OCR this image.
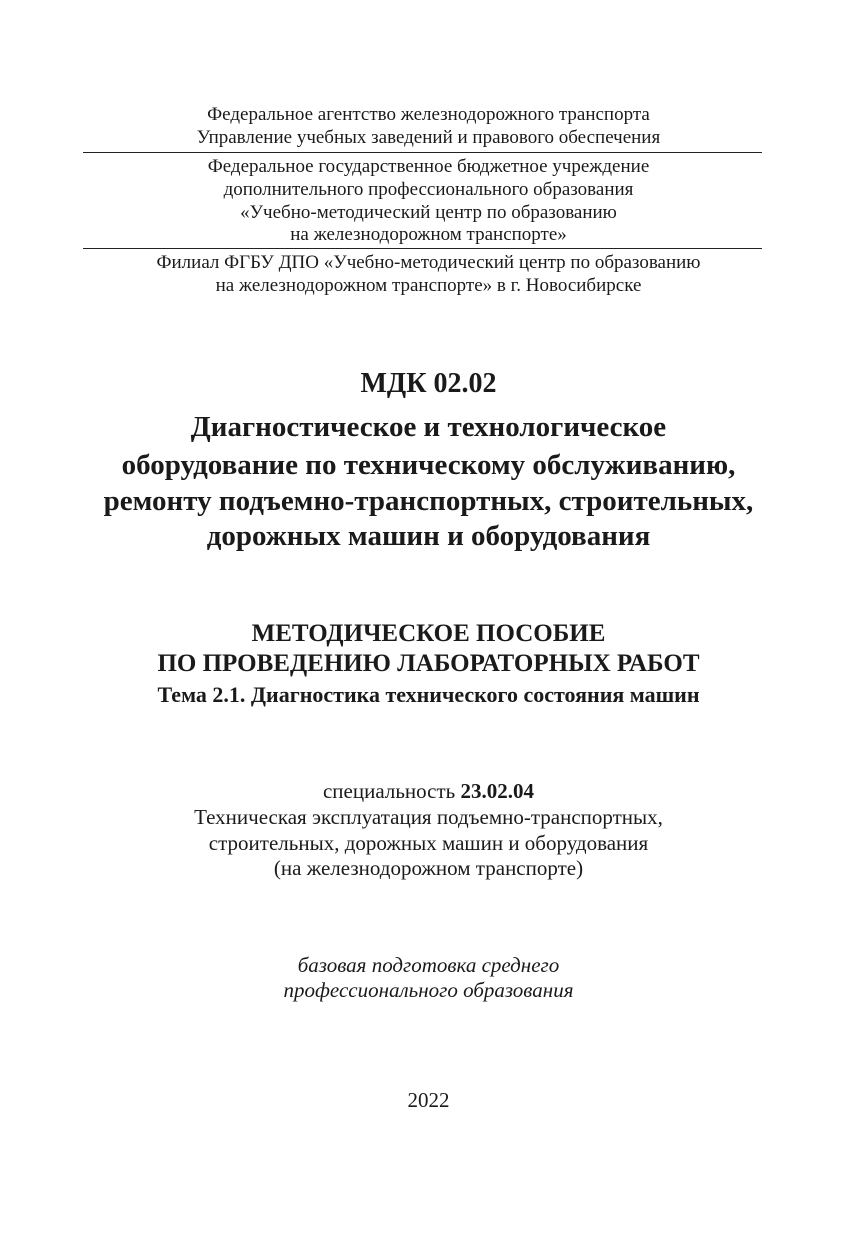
Федеральное агентство железнодорожного транспорта
Управление учебных заведений и правового обеспечения
Федеральное государственное бюджетное учреждение
дополнительного профессионального образования
«Учебно-методический центр по образованию
на железнодорожном транспорте»
Филиал ФГБУ ДПО «Учебно-методический центр по образованию
на железнодорожном транспорте» в г. Новосибирске
МДК 02.02
Диагностическое и технологическое
оборудование по техническому обслуживанию,
ремонту подъемно-транспортных, строительных,
дорожных машин и оборудования
МЕТОДИЧЕСКОЕ ПОСОБИЕ
ПО ПРОВЕДЕНИЮ ЛАБОРАТОРНЫХ РАБОТ
Тема 2.1. Диагностика технического состояния машин
специальность 23.02.04
Техническая эксплуатация подъемно-транспортных,
строительных, дорожных машин и оборудования
(на железнодорожном транспорте)
базовая подготовка среднего
профессионального образования
2022
